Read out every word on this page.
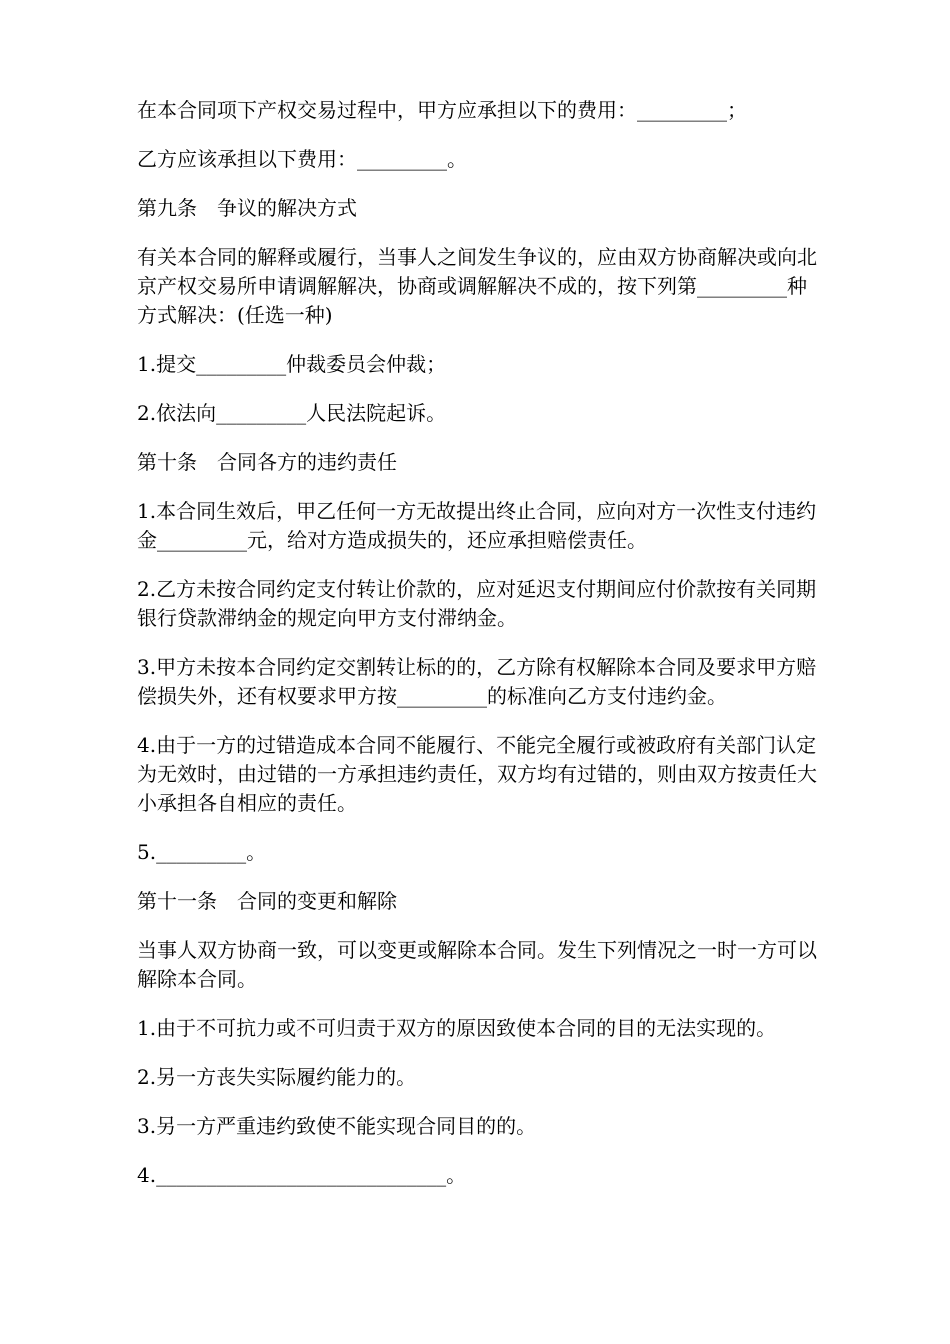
在本合同项下产权交易过程中，甲方应承担以下的费用：_________；

乙方应该承担以下费用：_________。

第九条　争议的解决方式

有关本合同的解释或履行，当事人之间发生争议的，应由双方协商解决或向北京产权交易所申请调解解决，协商或调解解决不成的，按下列第_________种方式解决：(任选一种)

1.提交_________仲裁委员会仲裁；

2.依法向_________人民法院起诉。

第十条　合同各方的违约责任

1.本合同生效后，甲乙任何一方无故提出终止合同，应向对方一次性支付违约金_________元，给对方造成损失的，还应承担赔偿责任。

2.乙方未按合同约定支付转让价款的，应对延迟支付期间应付价款按有关同期银行贷款滞纳金的规定向甲方支付滞纳金。

3.甲方未按本合同约定交割转让标的的，乙方除有权解除本合同及要求甲方赔偿损失外，还有权要求甲方按_________的标准向乙方支付违约金。

4.由于一方的过错造成本合同不能履行、不能完全履行或被政府有关部门认定为无效时，由过错的一方承担违约责任，双方均有过错的，则由双方按责任大小承担各自相应的责任。

5._________。

第十一条　合同的变更和解除

当事人双方协商一致，可以变更或解除本合同。发生下列情况之一时一方可以解除本合同。

1.由于不可抗力或不可归责于双方的原因致使本合同的目的无法实现的。

2.另一方丧失实际履约能力的。

3.另一方严重违约致使不能实现合同目的的。

4._____________________________。
